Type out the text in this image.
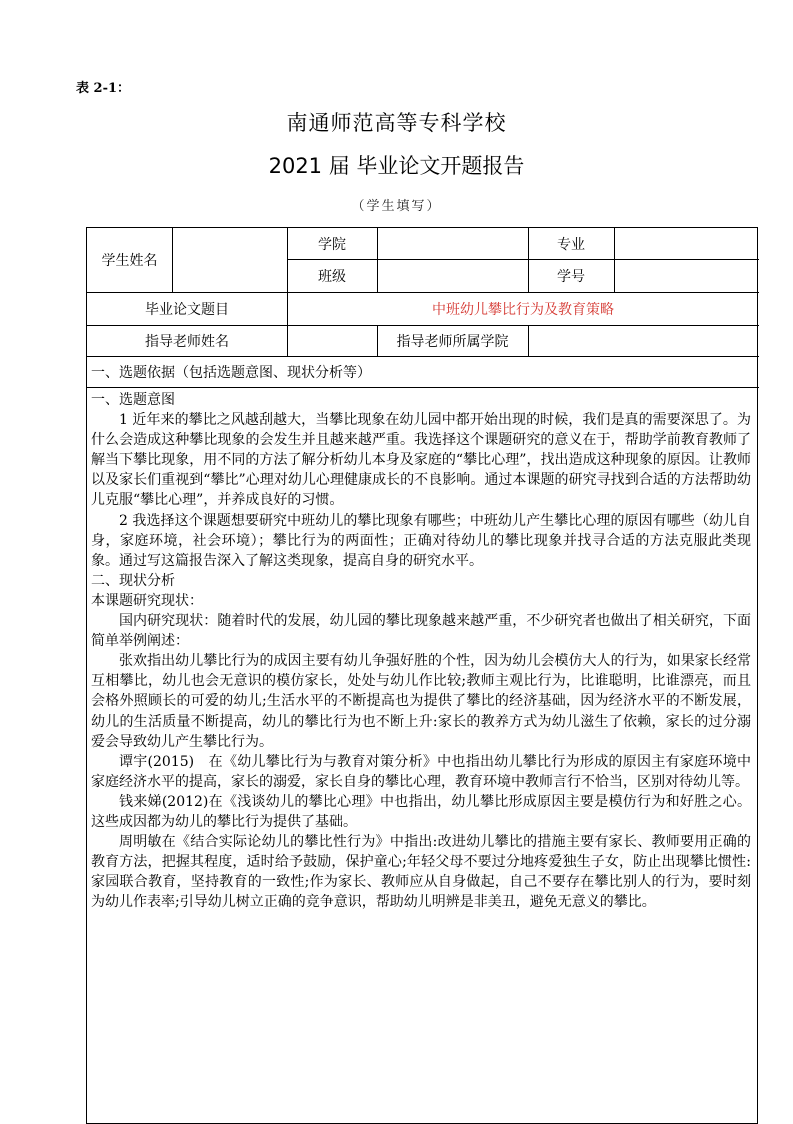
表 2-1：
南通师范高等专科学校
2021 届 毕业论文开题报告
（学生填写）
学生姓名
学院	专业
班级	学号
毕业论文题目	中班幼儿攀比行为及教育策略
指导老师姓名	指导老师所属学院
一、选题依据（包括选题意图、现状分析等）

一、选题意图

1 近年来的攀比之风越刮越大，当攀比现象在幼儿园中都开始出现的时候，我们是真的需要深思了。为什么会造成这种攀比现象的会发生并且越来越严重。我选择这个课题研究的意义在于，帮助学前教育教师了解当下攀比现象，用不同的方法了解分析幼儿本身及家庭的“攀比心理”，找出造成这种现象的原因。让教师以及家长们重视到“攀比”心理对幼儿心理健康成长的不良影响。通过本课题的研究寻找到合适的方法帮助幼儿克服“攀比心理”，并养成良好的习惯。

2 我选择这个课题想要研究中班幼儿的攀比现象有哪些；中班幼儿产生攀比心理的原因有哪些（幼儿自身，家庭环境，社会环境）；攀比行为的两面性；正确对待幼儿的攀比现象并找寻合适的方法克服此类现象。通过写这篇报告深入了解这类现象，提高自身的研究水平。

二、现状分析

本课题研究现状：

国内研究现状：随着时代的发展，幼儿园的攀比现象越来越严重，不少研究者也做出了相关研究，下面简单举例阐述：

张欢指出幼儿攀比行为的成因主要有幼儿争强好胜的个性，因为幼儿会模仿大人的行为，如果家长经常互相攀比，幼儿也会无意识的模仿家长，处处与幼儿作比较;教师主观比行为，比谁聪明，比谁漂亮，而且会格外照顾长的可爱的幼儿;生活水平的不断提高也为提供了攀比的经济基础，因为经济水平的不断发展，幼儿的生活质量不断提高，幼儿的攀比行为也不断上升:家长的教养方式为幼儿滋生了依赖，家长的过分溺爱会导致幼儿产生攀比行为。

谭宇(2015)　在《幼儿攀比行为与教育对策分析》中也指出幼儿攀比行为形成的原因主有家庭环境中家庭经济水平的提高，家长的溺爱，家长自身的攀比心理，教育环境中教师言行不恰当，区别对待幼儿等。

钱来娣(2012)在《浅谈幼儿的攀比心理》中也指出，幼儿攀比形成原因主要是模仿行为和好胜之心。这些成因都为幼儿的攀比行为提供了基础。

周明敏在《结合实际论幼儿的攀比性行为》中指出:改进幼儿攀比的措施主要有家长、教师要用正确的教育方法，把握其程度，适时给予鼓励，保护童心;年轻父母不要过分地疼爱独生子女，防止出现攀比惯性:家园联合教育，坚持教育的一致性;作为家长、教师应从自身做起，自己不要存在攀比别人的行为，要时刻为幼儿作表率;引导幼儿树立正确的竞争意识，帮助幼儿明辨是非美丑，避免无意义的攀比。
